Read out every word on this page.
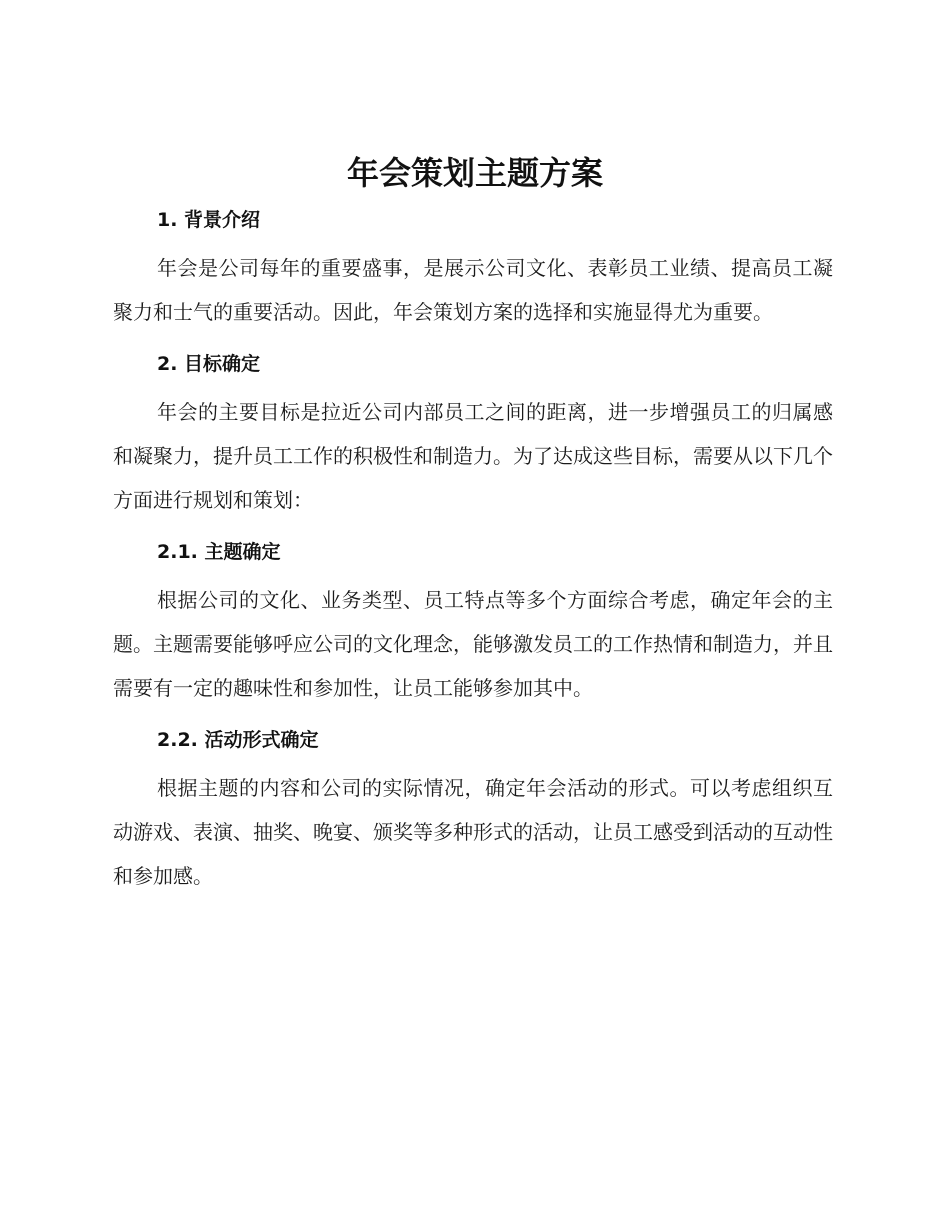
年会策划主题方案
1. 背景介绍

年会是公司每年的重要盛事，是展示公司文化、表彰员工业绩、提高员工凝聚力和士气的重要活动。因此，年会策划方案的选择和实施显得尤为重要。

2. 目标确定

年会的主要目标是拉近公司内部员工之间的距离，进一步增强员工的归属感和凝聚力，提升员工工作的积极性和制造力。为了达成这些目标，需要从以下几个方面进行规划和策划：

2.1. 主题确定

根据公司的文化、业务类型、员工特点等多个方面综合考虑，确定年会的主题。主题需要能够呼应公司的文化理念，能够激发员工的工作热情和制造力，并且需要有一定的趣味性和参加性，让员工能够参加其中。

2.2. 活动形式确定

根据主题的内容和公司的实际情况，确定年会活动的形式。可以考虑组织互动游戏、表演、抽奖、晚宴、颁奖等多种形式的活动，让员工感受到活动的互动性和参加感。
